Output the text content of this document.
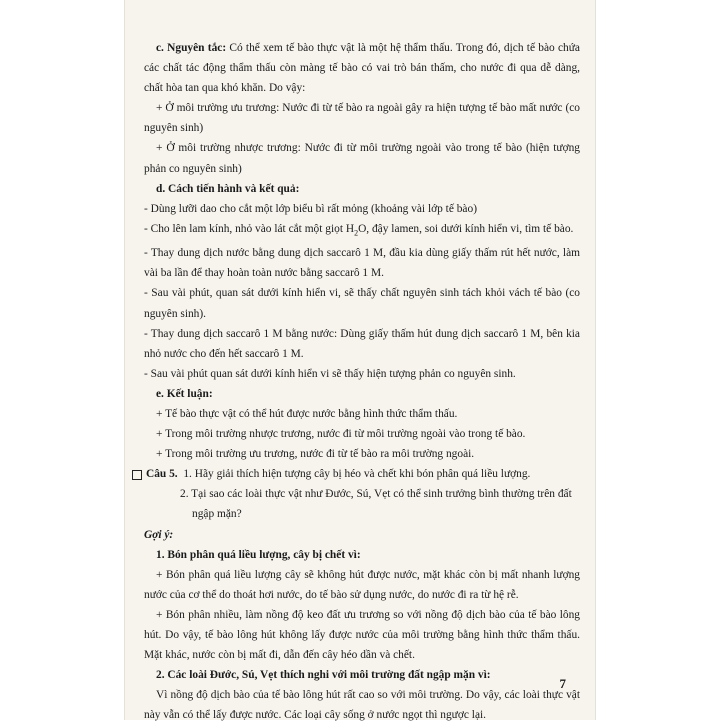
c. Nguyên tắc: Có thể xem tế bào thực vật là một hệ thẩm thấu. Trong đó, dịch tế bào chứa các chất tác động thẩm thấu còn màng tế bào có vai trò bán thấm, cho nước đi qua dễ dàng, chất hòa tan qua khó khăn. Do vậy:

+ Ở môi trường ưu trương: Nước đi từ tế bào ra ngoài gây ra hiện tượng tế bào mất nước (co nguyên sinh)

+ Ở môi trường nhược trương: Nước đi từ môi trường ngoài vào trong tế bào (hiện tượng phản co nguyên sinh)

d. Cách tiến hành và kết quả:

- Dùng lưỡi dao cho cắt một lớp biểu bì rất mỏng (khoảng vài lớp tế bào)

- Cho lên lam kính, nhỏ vào lát cắt một giọt $H_2O$, đậy lamen, soi dưới kính hiển vi, tìm tế bào.

- Thay dung dịch nước bằng dung dịch saccarô 1 M, đầu kia dùng giấy thấm rút hết nước, làm vài ba lần để thay hoàn toàn nước bằng saccarô 1 M.

- Sau vài phút, quan sát dưới kính hiển vi, sẽ thấy chất nguyên sinh tách khỏi vách tế bào (co nguyên sinh).

- Thay dung dịch saccarô 1 M bằng nước: Dùng giấy thấm hút dung dịch saccarô 1 M, bên kia nhỏ nước cho đến hết saccarô 1 M.

- Sau vài phút quan sát dưới kính hiển vi sẽ thấy hiện tượng phản co nguyên sinh.

e. Kết luận:

+ Tế bào thực vật có thể hút được nước bằng hình thức thẩm thấu.

+ Trong môi trường nhược trương, nước đi từ môi trường ngoài vào trong tế bào.

+ Trong môi trường ưu trương, nước đi từ tế bào ra môi trường ngoài.

Câu 5.
1. Hãy giải thích hiện tượng cây bị héo và chết khi bón phân quá liều lượng.

2. Tại sao các loài thực vật như Đước, Sú, Vẹt có thể sinh trưởng bình thường trên đất ngập mặn?

Gợi ý:

1. Bón phân quá liều lượng, cây bị chết vì:

+ Bón phân quá liều lượng cây sẽ không hút được nước, mặt khác còn bị mất nhanh lượng nước của cơ thể do thoát hơi nước, do tế bào sử dụng nước, do nước đi ra từ hệ rễ.

+ Bón phân nhiều, làm nồng độ keo đất ưu trương so với nồng độ dịch bào của tế bào lông hút. Do vậy, tế bào lông hút không lấy được nước của môi trường bằng hình thức thẩm thấu. Mặt khác, nước còn bị mất đi, dẫn đến cây héo dần và chết.

2. Các loài Đước, Sú, Vẹt thích nghi với môi trường đất ngập mặn vì:

Vì nồng độ dịch bào của tế bào lông hút rất cao so với môi trường. Do vậy, các loài thực vật này vẫn có thể lấy được nước. Các loại cây sống ở nước ngọt thì ngược lại.

7
